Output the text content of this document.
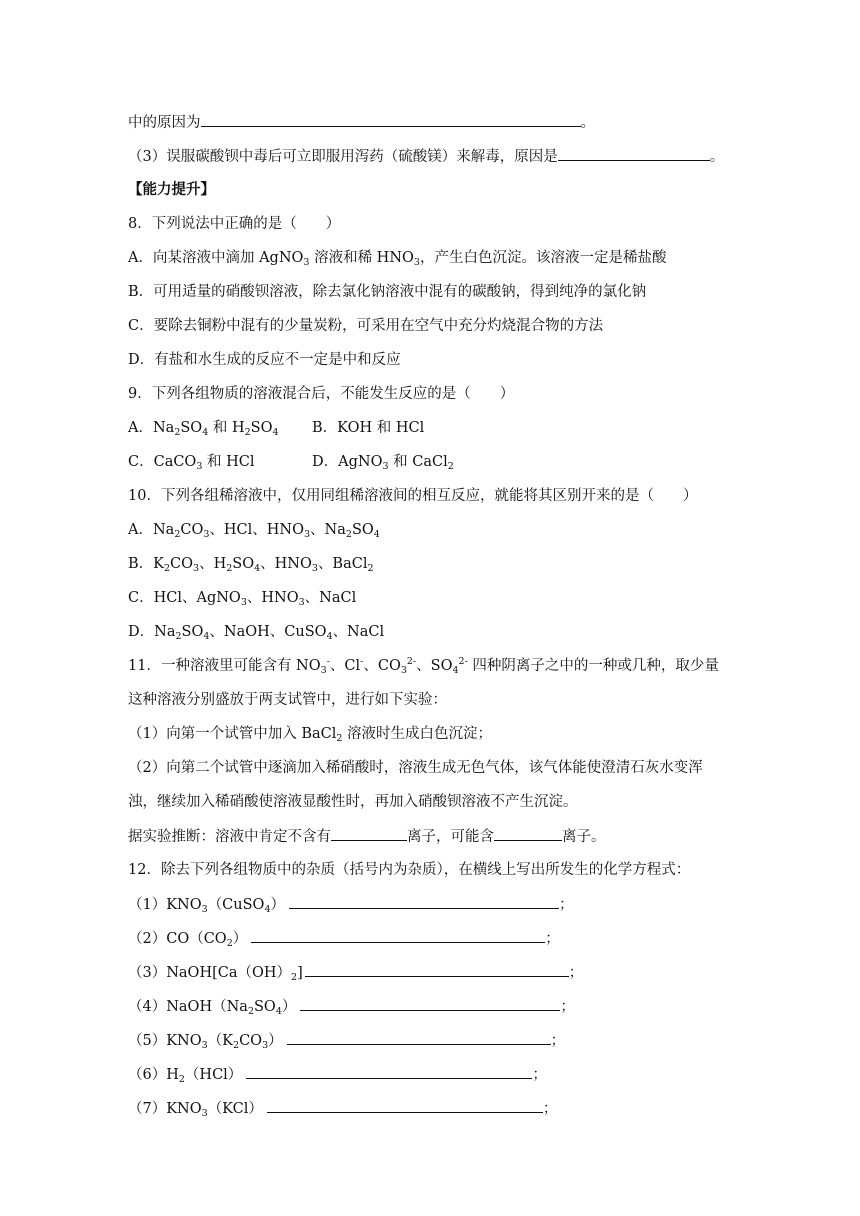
中的原因为	。
（3）误服碳酸钡中毒后可立即服用泻药（硫酸镁）来解毒，原因是	。
【能力提升】
8．下列说法中正确的是（　　）
A．向某溶液中滴加 AgNO$_3$ 溶液和稀 $HNO_3$，产生白色沉淀。该溶液一定是稀盐酸
B．可用适量的硝酸钡溶液，除去氯化钠溶液中混有的碳酸钠，得到纯净的氯化钠
C．要除去铜粉中混有的少量炭粉，可采用在空气中充分灼烧混合物的方法
D．有盐和水生成的反应不一定是中和反应
9．下列各组物质的溶液混合后，不能发生反应的是（　　）
A．$Na_2SO_4$ 和 $H_2SO_4$ B．KOH 和 HCl
C．CaCO$_3$ 和 HCl	D．AgNO$_3$ 和 CaCl$_2$
10．下列各组稀溶液中，仅用同组稀溶液间的相互反应，就能将其区别开来的是（　　）
A．$Na_2CO_3$、HCl、$HNO_3$、$Na_2SO_4$
B．$K_2CO_3$、$H_2SO_4$、$HNO_3$、BaCl$_2$
C．HCl、AgNO$_3$、$HNO_3$、NaCl
D．$Na_2SO_4$、NaOH、CuSO$_4$、NaCl
11．一种溶液里可能含有 $NO_3^-$、Cl-、$CO_3^{2-}$、$SO_4^{2-}$ 四种阴离子之中的一种或几种，取少量
这种溶液分别盛放于两支试管中，进行如下实验：
（1）向第一个试管中加入 BaCl$_2$ 溶液时生成白色沉淀；
（2）向第二个试管中逐滴加入稀硝酸时，溶液生成无色气体，该气体能使澄清石灰水变浑
浊，继续加入稀硝酸使溶液显酸性时，再加入硝酸钡溶液不产生沉淀。
据实验推断：溶液中肯定不含有	离子，可能含	离子。
12．除去下列各组物质中的杂质（括号内为杂质），在横线上写出所发生的化学方程式：
$(1)KNO_3(CuSO_4)$	；
$(2)CO(CO_2)$	；
$(3)NaOH[Ca(OH)_2]$	；
$(4)NaOH(Na_2SO_4)$	；
$(5)KNO_3(K_2CO_3)$	；
$(6)H_2(HCl)$	；
$(7)KNO_3(KCl)$	；
